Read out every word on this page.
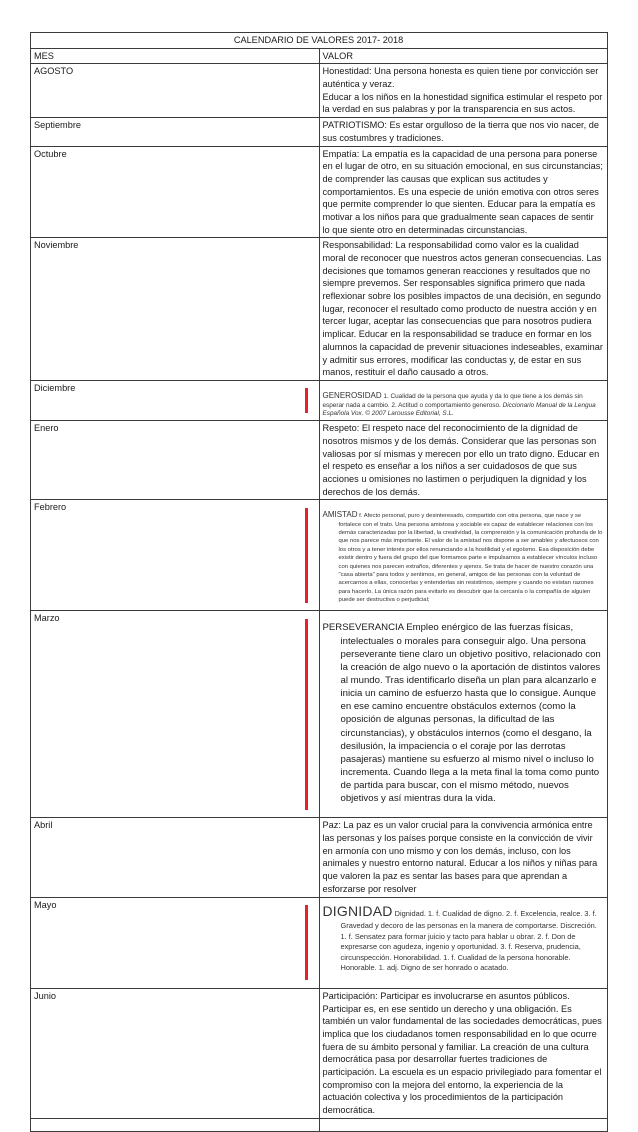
CALENDARIO DE VALORES 2017- 2018	
MES	VALOR
AGOSTO	Honestidad: Una persona honesta es quien tiene por convicción ser auténtica y veraz.
Educar a los niños en la honestidad significa estimular el respeto por la verdad en sus palabras y por la transparencia en sus actos.

Septiembre	PATRIOTISMO: Es estar orgulloso de la tierra que nos vio nacer, de sus costumbres y tradiciones.
Octubre	Empatía: La empatía es la capacidad de una persona para ponerse en el lugar de otro, en su situación emocional, en sus circunstancias; de comprender las causas que explican sus actitudes y comportamientos. Es una especie de unión emotiva con otros seres que permite comprender lo que sienten. Educar para la empatía es motivar a los niños para que gradualmente sean capaces de sentir lo que siente otro en determinadas circunstancias.
Noviembre	Responsabilidad: La responsabilidad como valor es la cualidad moral de reconocer que nuestros actos generan consecuencias. Las decisiones que tomamos generan reacciones y resultados que no siempre prevemos. Ser responsables significa primero que nada reflexionar sobre los posibles impactos de una decisión, en segundo lugar, reconocer el resultado como producto de nuestra acción y en tercer lugar, aceptar las consecuencias que para nosotros pudiera implicar. Educar en la responsabilidad se traduce en formar en los alumnos la capacidad de prevenir situaciones indeseables, examinar y admitir sus errores, modificar las conductas y, de estar en sus manos, restituir el daño causado a otros.
Diciembre	GENEROSIDAD 1. Cualidad de la persona que ayuda y da lo que tiene a los demás sin esperar nada a cambio. 2. Actitud o comportamiento generoso. Diccionario Manual de la Lengua Española Vox. © 2007 Larousse Editorial, S.L.

Enero	Respeto: El respeto nace del reconocimiento de la dignidad de nosotros mismos y de los demás. Considerar que las personas son valiosas por sí mismas y merecen por ello un trato digno. Educar en el respeto es enseñar a los niños a ser cuidadosos de que sus acciones u omisiones no lastimen o perjudiquen la dignidad y los derechos de los demás.
Febrero	AMISTAD f. Afecto personal, puro y desinteresado, compartido con otra persona, que nace y se fortalece con el trato. Una persona amistosa y sociable es capaz de establecer relaciones con los demás caracterizadas por la libertad, la creatividad, la comprensión y la comunicación profunda de lo que nos parece más importante. El valor de la amistad nos dispone a ser amables y afectuosos con los otros y a tener interés por ellos renunciando a la hostilidad y el egoísmo. Esa disposición debe existir dentro y fuera del grupo del que formamos parte e impulsarnos a establecer vínculos incluso con quienes nos parecen extraños, diferentes y ajenos. Se trata de hacer de nuestro corazón una "casa abierta" para todos y sentirnos, en general, amigos de las personas con la voluntad de acercarnos a ellas, conocerlas y entenderlas sin resistirnos, siempre y cuando no existan razones para hacerlo. La única razón para evitarlo es descubrir que la cercanía o la compañía de alguien puede ser destructiva o perjudicial;

Marzo	PERSEVERANCIA Empleo enérgico de las fuerzas físicas, intelectuales o morales para conseguir algo. Una persona perseverante tiene claro un objetivo positivo, relacionado con la creación de algo nuevo o la aportación de distintos valores al mundo. Tras identificarlo diseña un plan para alcanzarlo e inicia un camino de esfuerzo hasta que lo consigue. Aunque en ese camino encuentre obstáculos externos (como la oposición de algunas personas, la dificultad de las circunstancias), y obstáculos internos (como el desgano, la desilusión, la impaciencia o el coraje por las derrotas pasajeras) mantiene su esfuerzo al mismo nivel o incluso lo incrementa. Cuando llega a la meta final la toma como punto de partida para buscar, con el mismo método, nuevos objetivos y así mientras dura la vida.

Abril	Paz: La paz es un valor crucial para la convivencia armónica entre las personas y los países porque consiste en la convicción de vivir en armonía con uno mismo y con los demás, incluso, con los animales y nuestro entorno natural. Educar a los niños y niñas para que valoren la paz es sentar las bases para que aprendan a esforzarse por resolver
Mayo	DIGNIDAD Dignidad. 1. f. Cualidad de digno. 2. f. Excelencia, realce. 3. f. Gravedad y decoro de las personas en la manera de comportarse. Discreción. 1. f. Sensatez para formar juicio y tacto para hablar u obrar. 2. f. Don de expresarse con agudeza, ingenio y oportunidad. 3. f. Reserva, prudencia, circunspección. Honorabilidad. 1. f. Cualidad de la persona honorable. Honorable. 1. adj. Digno de ser honrado o acatado.

Junio	Participación: Participar es involucrarse en asuntos públicos. Participar es, en ese sentido un derecho y una obligación. Es también un valor fundamental de las sociedades democráticas, pues implica que los ciudadanos tomen responsabilidad en lo que ocurre fuera de su ámbito personal y familiar. La creación de una cultura democrática pasa por desarrollar fuertes tradiciones de participación. La escuela es un espacio privilegiado para fomentar el compromiso con la mejora del entorno, la experiencia de la actuación colectiva y los procedimientos de la participación democrática.
